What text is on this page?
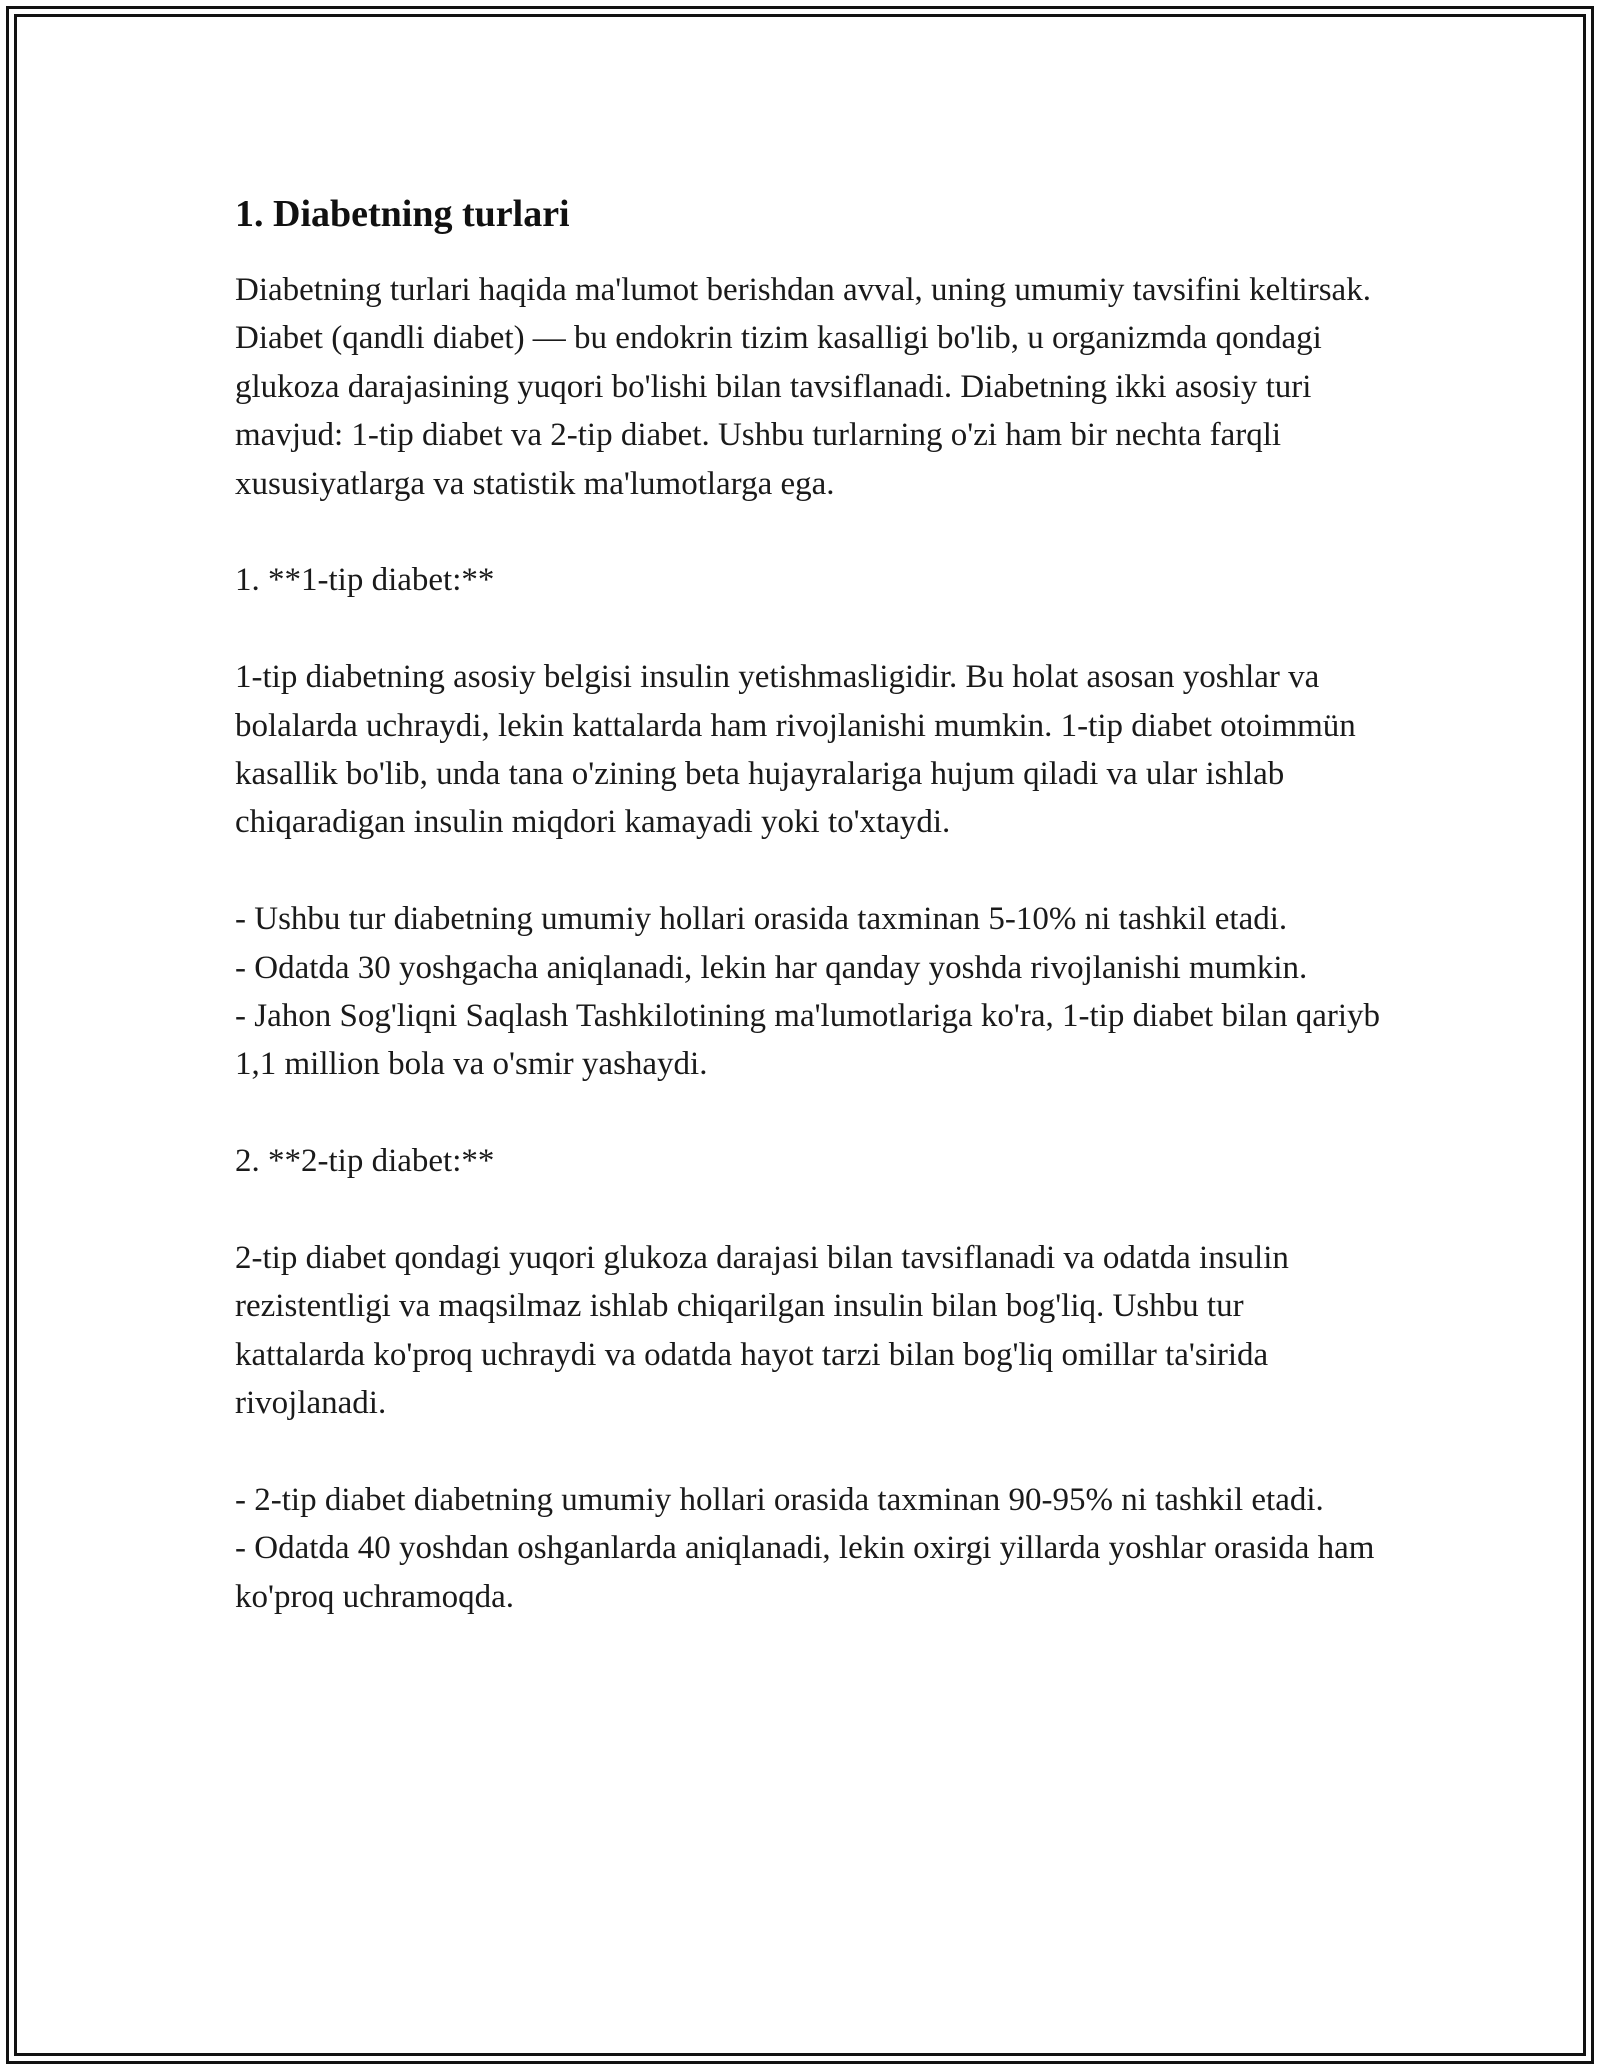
1. Diabetning turlari

Diabetning turlari haqida ma'lumot berishdan avval, uning umumiy tavsifini keltirsak. Diabet (qandli diabet) — bu endokrin tizim kasalligi bo'lib, u organizmda qondagi glukoza darajasining yuqori bo'lishi bilan tavsiflanadi. Diabetning ikki asosiy turi mavjud: 1-tip diabet va 2-tip diabet. Ushbu turlarning o'zi ham bir nechta farqli xususiyatlarga va statistik ma'lumotlarga ega.

1. **1-tip diabet:**

1-tip diabetning asosiy belgisi insulin yetishmasligidir. Bu holat asosan yoshlar va bolalarda uchraydi, lekin kattalarda ham rivojlanishi mumkin. 1-tip diabet otoimmün kasallik bo'lib, unda tana o'zining beta hujayralariga hujum qiladi va ular ishlab chiqaradigan insulin miqdori kamayadi yoki to'xtaydi.

- Ushbu tur diabetning umumiy hollari orasida taxminan 5-10% ni tashkil etadi.
- Odatda 30 yoshgacha aniqlanadi, lekin har qanday yoshda rivojlanishi mumkin.
- Jahon Sog'liqni Saqlash Tashkilotining ma'lumotlariga ko'ra, 1-tip diabet bilan qariyb 1,1 million bola va o'smir yashaydi.

2. **2-tip diabet:**

2-tip diabet qondagi yuqori glukoza darajasi bilan tavsiflanadi va odatda insulin rezistentligi va maqsilmaz ishlab chiqarilgan insulin bilan bog'liq. Ushbu tur kattalarda ko'proq uchraydi va odatda hayot tarzi bilan bog'liq omillar ta'sirida rivojlanadi.

- 2-tip diabet diabetning umumiy hollari orasida taxminan 90-95% ni tashkil etadi.
- Odatda 40 yoshdan oshganlarda aniqlanadi, lekin oxirgi yillarda yoshlar orasida ham ko'proq uchramoqda.
